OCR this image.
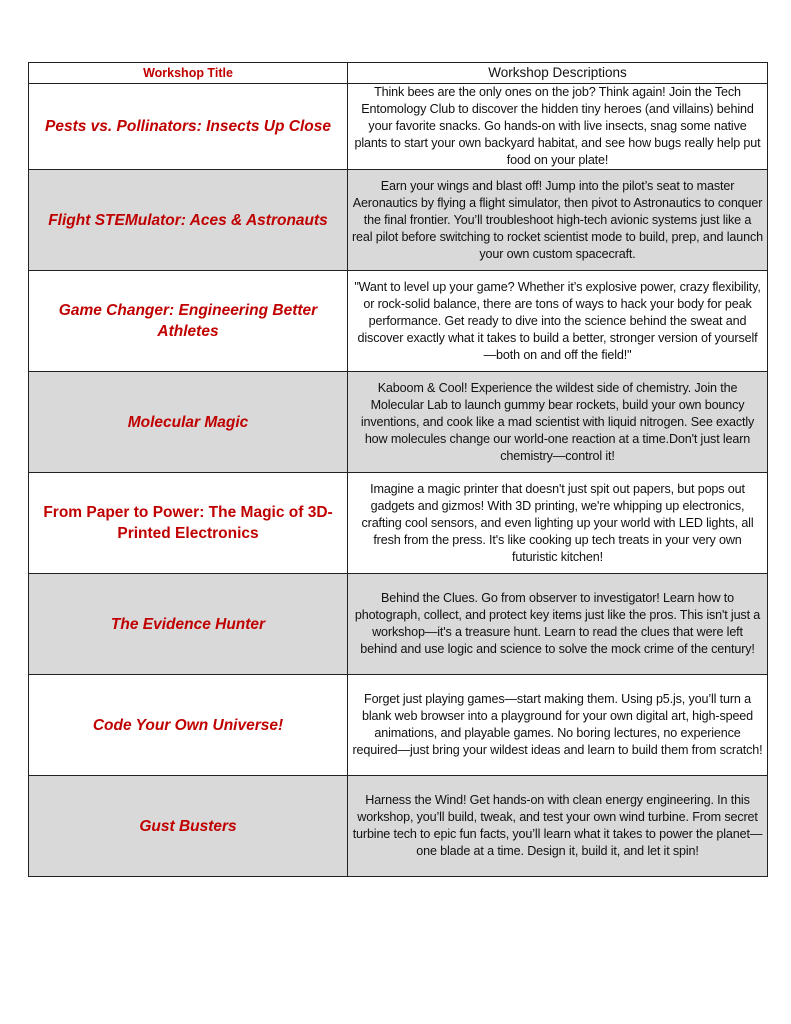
Workshop Title	Workshop Descriptions
Pests vs. Pollinators: Insects Up Close	Think bees are the only ones on the job? Think again! Join the Tech Entomology Club to discover the hidden tiny heroes (and villains) behind your favorite snacks. Go hands-on with live insects, snag some native plants to start your own backyard habitat, and see how bugs really help put food on your plate!
Flight STEMulator: Aces & Astronauts	Earn your wings and blast off! Jump into the pilot’s seat to master Aeronautics by flying a flight simulator, then pivot to Astronautics to conquer the final frontier. You’ll troubleshoot high-tech avionic systems just like a real pilot before switching to rocket scientist mode to build, prep, and launch your own custom spacecraft.
Game Changer: Engineering Better Athletes	"Want to level up your game? Whether it’s explosive power, crazy flexibility, or rock-solid balance, there are tons of ways to hack your body for peak performance. Get ready to dive into the science behind the sweat and discover exactly what it takes to build a better, stronger version of yourself—both on and off the field!"
Molecular Magic	Kaboom & Cool! Experience the wildest side of chemistry. Join the Molecular Lab to launch gummy bear rockets, build your own bouncy inventions, and cook like a mad scientist with liquid nitrogen. See exactly how molecules change our world-one reaction at a time.Don't just learn chemistry—control it!
From Paper to Power: The Magic of 3D-Printed Electronics	Imagine a magic printer that doesn't just spit out papers, but pops out gadgets and gizmos! With 3D printing, we're whipping up electronics, crafting cool sensors, and even lighting up your world with LED lights, all fresh from the press. It's like cooking up tech treats in your very own futuristic kitchen!
The Evidence Hunter	Behind the Clues. Go from observer to investigator! Learn how to photograph, collect, and protect key items just like the pros. This isn't just a workshop—it's a treasure hunt. Learn to read the clues that were left behind and use logic and science to solve the mock crime of the century!
Code Your Own Universe!	Forget just playing games—start making them. Using p5.js, you’ll turn a blank web browser into a playground for your own digital art, high-speed animations, and playable games. No boring lectures, no experience required—just bring your wildest ideas and learn to build them from scratch!
Gust Busters	Harness the Wind! Get hands-on with clean energy engineering. In this workshop, you’ll build, tweak, and test your own wind turbine. From secret turbine tech to epic fun facts, you’ll learn what it takes to power the planet—one blade at a time. Design it, build it, and let it spin!
